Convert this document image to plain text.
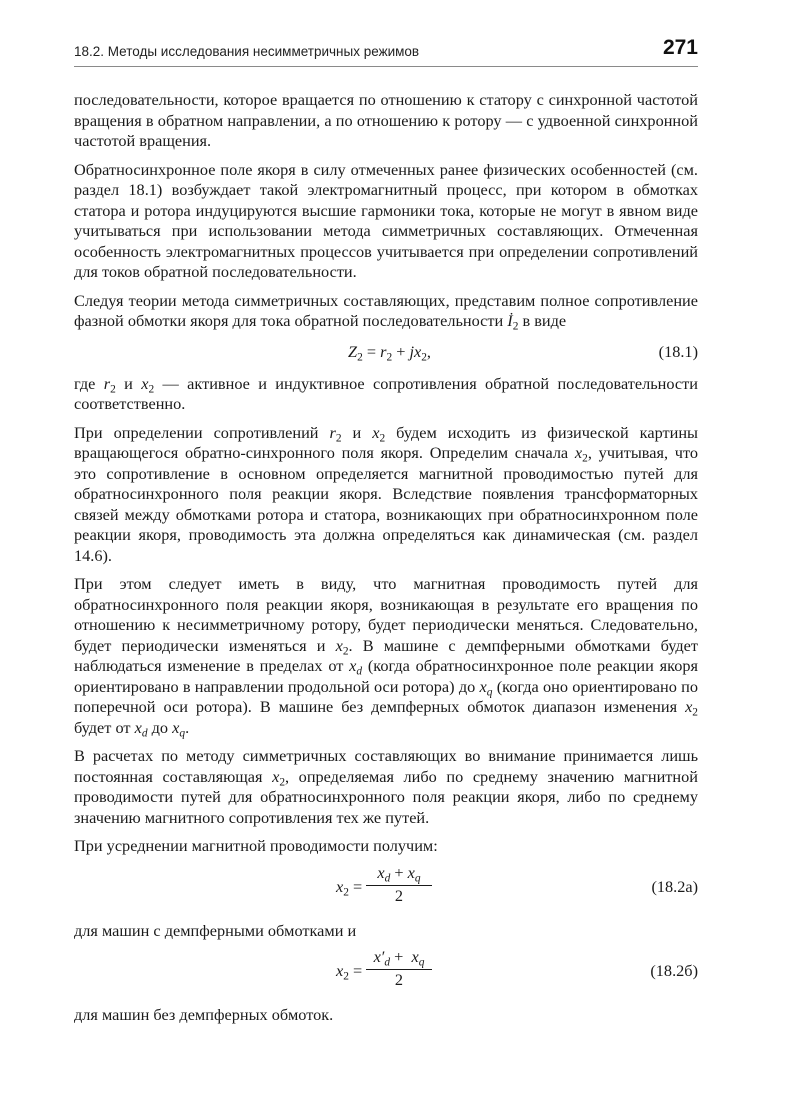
18.2. Методы исследования несимметричных режимов	271

последовательности, которое вращается по отношению к статору с синхронной частотой вращения в обратном направлении, а по отношению к ротору — с удвоенной синхронной частотой вращения.

Обратносинхронное поле якоря в силу отмеченных ранее физических особенностей (см. раздел 18.1) возбуждает такой электромагнитный процесс, при котором в обмотках статора и ротора индуцируются высшие гармоники тока, которые не могут в явном виде учитываться при использовании метода симметричных составляющих. Отмеченная особенность электромагнитных процессов учитывается при определении сопротивлений для токов обратной последовательности.

Следуя теории метода симметричных составляющих, представим полное сопротивление фазной обмотки якоря для тока обратной последовательности $İ_2$ в виде

$Z_2 = r_2 + jx_2$,	(18.1)

где $r_2$ и $x_2$ — активное и индуктивное сопротивления обратной последовательности соответственно.

При определении сопротивлений $r_2$ и $x_2$ будем исходить из физической картины вращающегося обратно-синхронного поля якоря. Определим сначала $x_2$, учитывая, что это сопротивление в основном определяется магнитной проводимостью путей для обратносинхронного поля реакции якоря. Вследствие появления трансформаторных связей между обмотками ротора и статора, возникающих при обратносинхронном поле реакции якоря, проводимость эта должна определяться как динамическая (см. раздел 14.6).

При этом следует иметь в виду, что магнитная проводимость путей для обратносинхронного поля реакции якоря, возникающая в результате его вращения по отношению к несимметричному ротору, будет периодически меняться. Следовательно, будет периодически изменяться и $x_2$. В машине с демпферными обмотками будет наблюдаться изменение в пределах от $x_d$ (когда обратносинхронное поле реакции якоря ориентировано в направлении продольной оси ротора) до $x_q$ (когда оно ориентировано по поперечной оси ротора). В машине без демпферных обмоток диапазон изменения $x_2$ будет от $x_d$ до $x_q$.

В расчетах по методу симметричных составляющих во внимание принимается лишь постоянная составляющая $x_2$, определяемая либо по среднему значению магнитной проводимости путей для обратносинхронного поля реакции якоря, либо по среднему значению магнитного сопротивления тех же путей.

При усреднении магнитной проводимости получим:

$x_2 = \frac{x_d + x_q}{2}$	(18.2а)

для машин с демпферными обмотками и

$x_2 = \frac{x'_d + x_q}{2}$	(18.2б)

для машин без демпферных обмоток.
